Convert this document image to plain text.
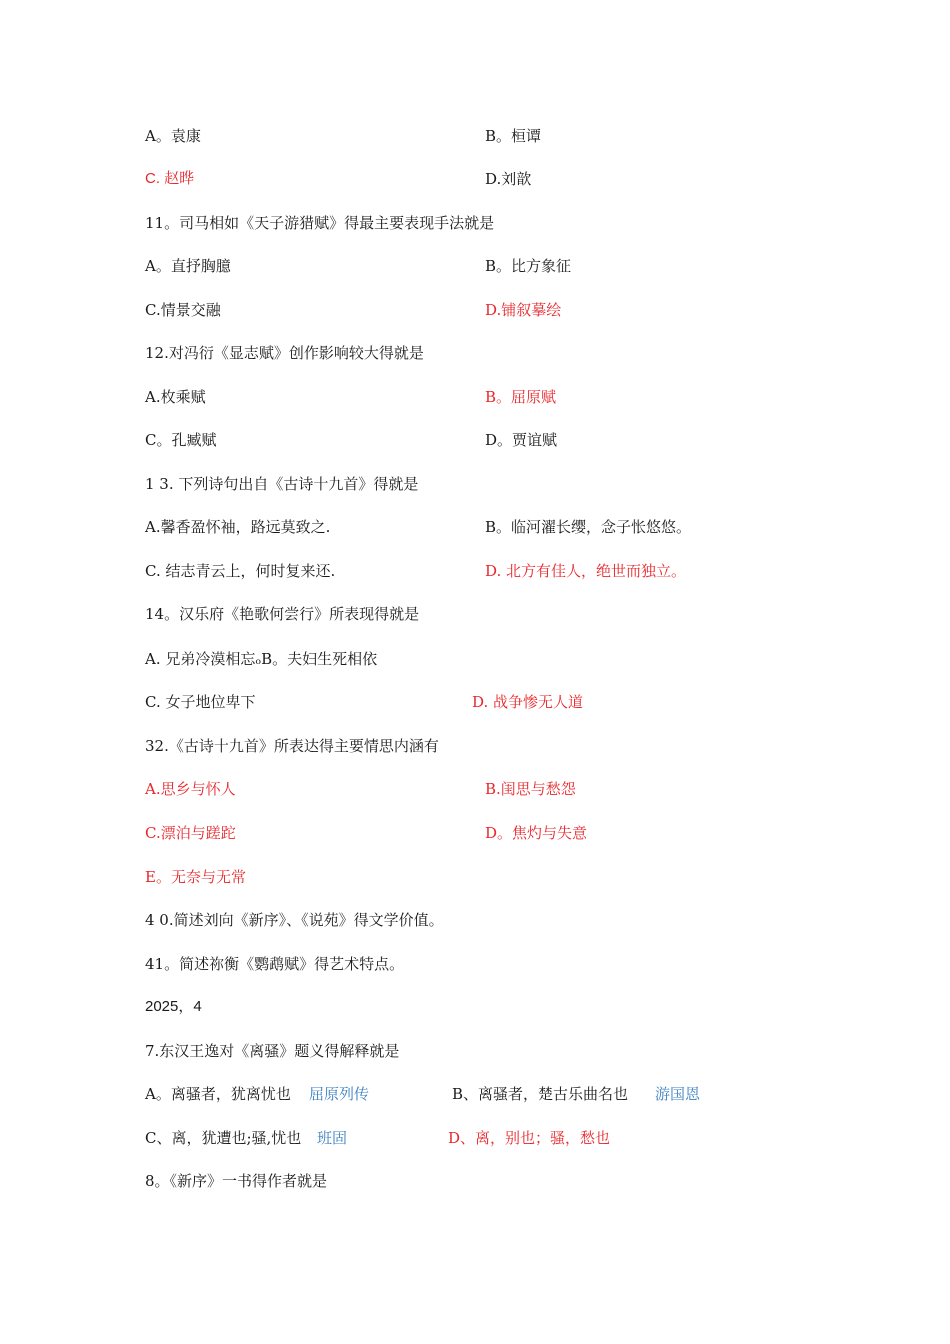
A。袁康	B。桓谭
C. 赵晔	D.刘歆
11。司马相如《天子游猎赋》得最主要表现手法就是
A。直抒胸臆	B。比方象征
C.情景交融	D.铺叙摹绘
12.对冯衍《显志赋》创作影响较大得就是
A.枚乘赋	B。屈原赋
C。孔臧赋	D。贾谊赋
1 3. 下列诗句出自《古诗十九首》得就是
A.馨香盈怀袖，路远莫致之.	B。临河濯长缨，念子怅悠悠。
C. 结志青云上，何时复来还.	D. 北方有佳人，绝世而独立。
14。汉乐府《艳歌何尝行》所表现得就是
A. 兄弟冷漠相忘ₒB。夫妇生死相依
C. 女子地位卑下	D. 战争惨无人道
32.《古诗十九首》所表达得主要情思内涵有
A.思乡与怀人	B.闺思与愁怨
C.漂泊与蹉跎	D。焦灼与失意
E。无奈与无常
4 0.简述刘向《新序》、《说苑》得文学价值。
41。简述祢衡《鹦鹉赋》得艺术特点。
2025，4
7.东汉王逸对《离骚》题义得解释就是
A。离骚者，犹离忧也 屈原列传	B、离骚者，楚古乐曲名也 游国恩
C、离，犹遭也;骚,忧也 班固	D、离，别也；骚，愁也
8。《新序》一书得作者就是
